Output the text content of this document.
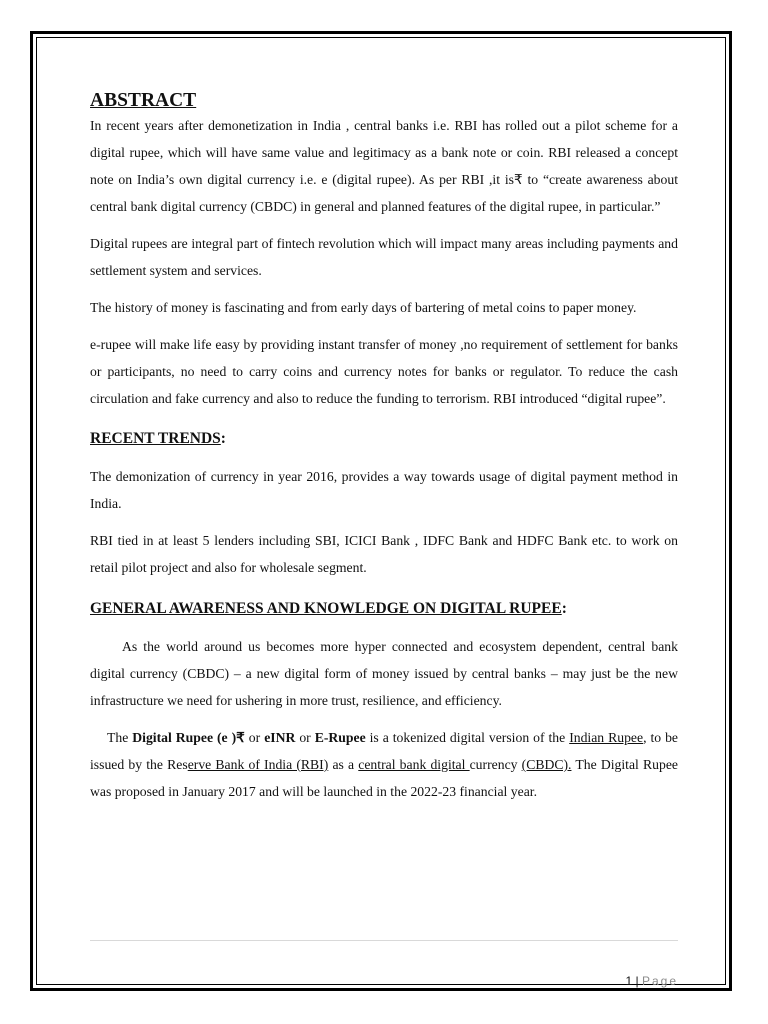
ABSTRACT

In recent years after demonetization in India , central banks i.e. RBI has rolled out a pilot scheme for a digital rupee, which will have same value and legitimacy as a bank note or coin. RBI released a concept note on India’s own digital currency i.e. e (digital rupee). As per RBI ,it is₹ to “create awareness about central bank digital currency (CBDC) in general and planned features of the digital rupee, in particular.”

Digital rupees are integral part of fintech revolution which will impact many areas including payments and settlement system and services.

The history of money is fascinating and from early days of bartering of metal coins to paper money.

e-rupee will make life easy by providing instant transfer of money ,no requirement of settlement for banks or participants, no need to carry coins and currency notes for banks or regulator. To reduce the cash circulation and fake currency and also to reduce the funding to terrorism. RBI introduced “digital rupee”.

RECENT TRENDS:

The demonization of currency in year 2016, provides a way towards usage of digital payment method in India.

RBI tied in at least 5 lenders including SBI, ICICI Bank , IDFC Bank and HDFC Bank etc. to work on retail pilot project and also for wholesale segment.

GENERAL AWARENESS AND KNOWLEDGE ON DIGITAL RUPEE:

As the world around us becomes more hyper connected and ecosystem dependent, central bank digital currency (CBDC) – a new digital form of money issued by central banks – may just be the new infrastructure we need for ushering in more trust, resilience, and efficiency.

The Digital Rupee (e )₹ or eINR or E-Rupee is a tokenized digital version of the Indian Rupee, to be issued by the Reserve Bank of India (RBI) as a central bank digital currency (CBDC). The Digital Rupee was proposed in January 2017 and will be launched in the 2022-23 financial year.

1 | Page
